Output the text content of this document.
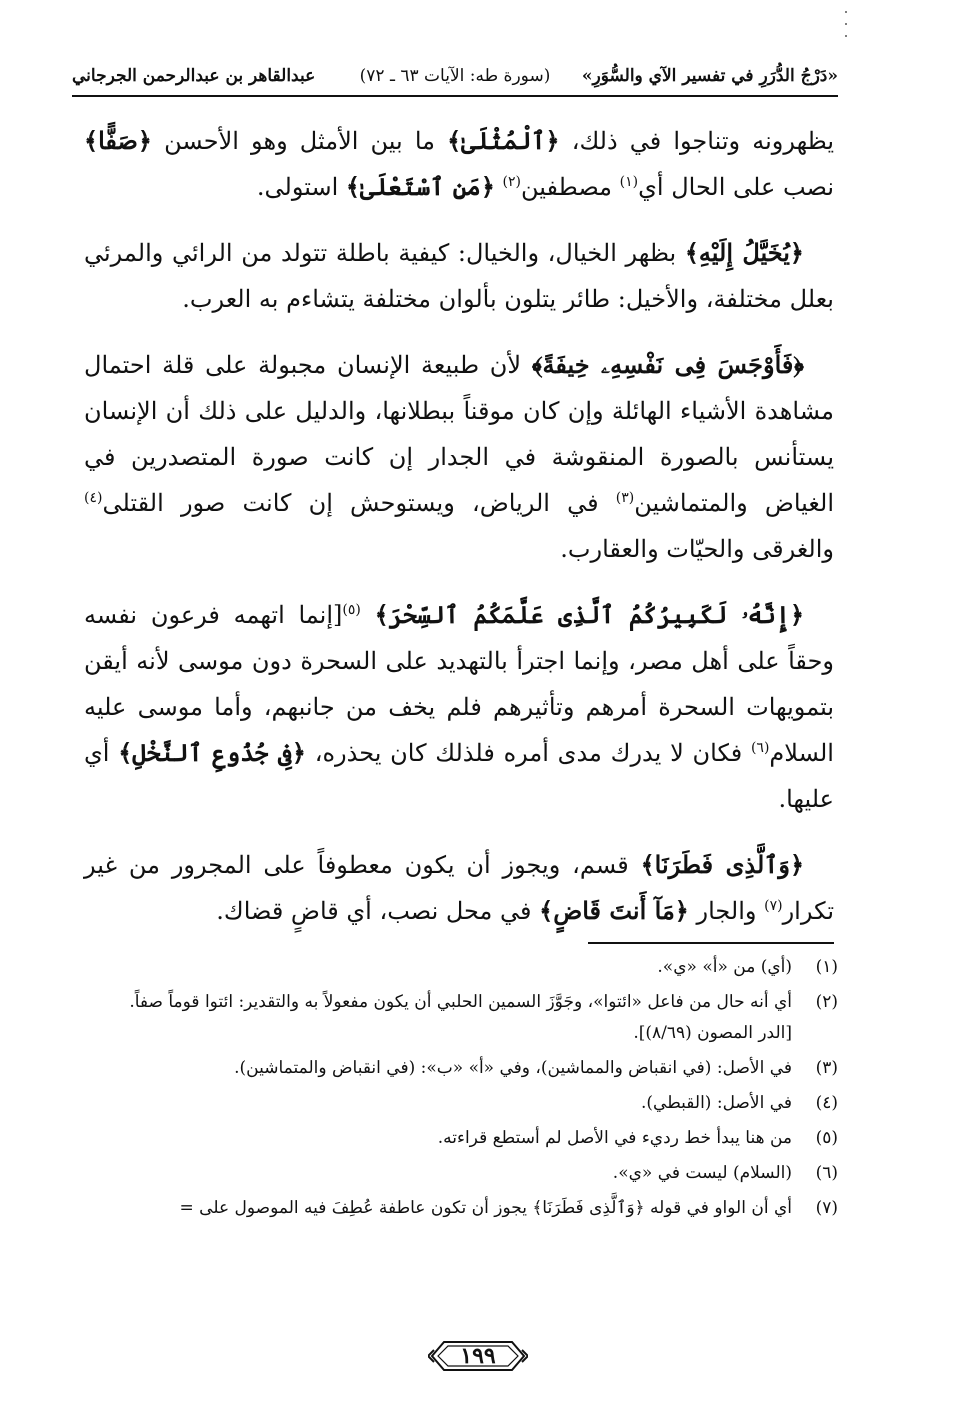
«دَرْجُ الدُّرَرِ في تفسير الآي والسُّوَرِ»
(سورة طه: الآيات ٦٣ ـ ٧٢)
عبدالقاهر بن عبدالرحمن الجرجاني

يظهرونه وتناجوا في ذلك، ﴿ٱلْمُثْلَىٰ﴾ ما بين الأمثل وهو الأحسن ﴿صَفًّا﴾ نصب على الحال أي$^{(١)}$ مصطفين$^{(٢)}$ ﴿مَنِ ٱسْتَعْلَىٰ﴾ استولى.

﴿يُخَيَّلُ إِلَيْهِ﴾ بظهر الخيال، والخيال: كيفية باطلة تتولد من الرائي والمرئي بعلل مختلفة، والأخيل: طائر يتلون بألوان مختلفة يتشاءم به العرب.

﴿فَأَوْجَسَ فِى نَفْسِهِۦ خِيفَةً﴾ لأن طبيعة الإنسان مجبولة على قلة احتمال مشاهدة الأشياء الهائلة وإن كان موقناً ببطلانها، والدليل على ذلك أن الإنسان يستأنس بالصورة المنقوشة في الجدار إن كانت صورة المتصدرين في الغياض والمتماشين$^{(٣)}$ في الرياض، ويستوحش إن كانت صور القتلى$^{(٤)}$ والغرقى والحيّات والعقارب.

﴿إِنَّهُۥ لَكَبِيرُكُمُ ٱلَّذِى عَلَّمَكُمُ ٱلسِّحْرَ﴾ $^{(٥)}$[إنما اتهمه فرعون نفسه وحقاً على أهل مصر، وإنما اجترأ بالتهديد على السحرة دون موسى لأنه أيقن بتمويهات السحرة أمرهم وتأثيرهم فلم يخف من جانبهم، وأما موسى عليه السلام$^{(٦)}$ فكان لا يدرك مدى أمره فلذلك كان يحذره، ﴿فِى جُذُوعِ ٱلنَّخْلِ﴾ أي عليها.

﴿وَٱلَّذِى فَطَرَنَا﴾ قسم، ويجوز أن يكون معطوفاً على المجرور من غير تكرار$^{(٧)}$ والجار ﴿مَآ أَنتَ قَاضٍ﴾ في محل نصب، أي قاضٍ قضاك.

(١)
(أي) من «أ» «ي».
(٢)
أي أنه حال من فاعل «ائتوا»، وجَوَّزَ السمين الحلبي أن يكون مفعولاً به والتقدير: ائتوا قوماً صفاً.
[الدر المصون (٨/٦٩)].
(٣)
في الأصل: (في انقباض والمماشين)، وفي «أ» «ب»: (في انقباض والمتماشين).
(٤)
في الأصل: (القبطي).
(٥)
من هنا يبدأ خط رديء في الأصل لم أستطع قراءته.
(٦)
(السلام) ليست في «ي».
(٧)
أي أن الواو في قوله ﴿وَٱلَّذِى فَطَرَنَا﴾ يجوز أن تكون عاطفة عُطِفَ فيه الموصول على =
١٩٩
